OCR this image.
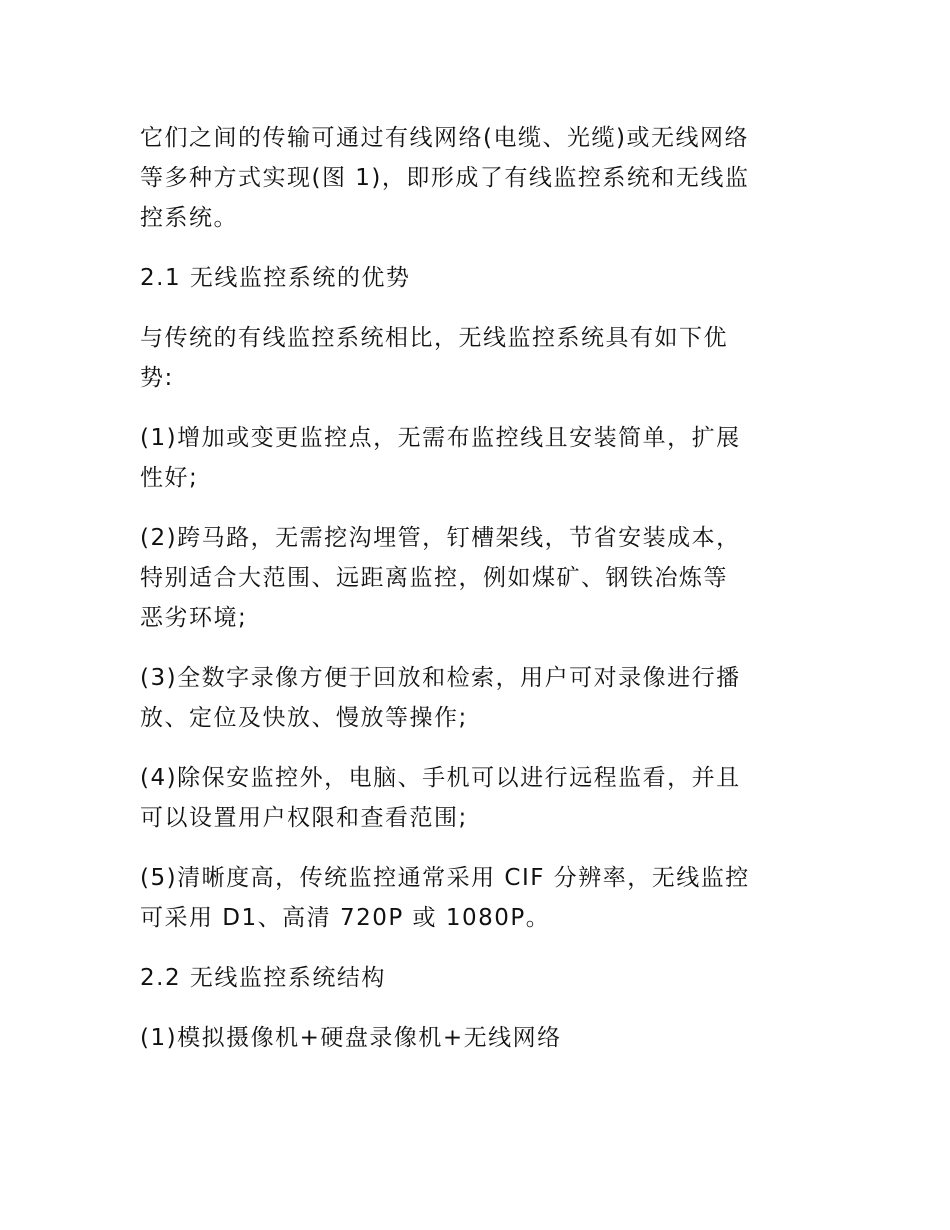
它们之间的传输可通过有线网络(电缆、光缆)或无线网络
等多种方式实现(图 1)，即形成了有线监控系统和无线监
控系统。
2.1 无线监控系统的优势
与传统的有线监控系统相比，无线监控系统具有如下优
势:
(1)增加或变更监控点，无需布监控线且安装简单，扩展
性好;
(2)跨马路，无需挖沟埋管，钉槽架线，节省安装成本，
特别适合大范围、远距离监控，例如煤矿、钢铁冶炼等
恶劣环境;
(3)全数字录像方便于回放和检索，用户可对录像进行播
放、定位及快放、慢放等操作;
(4)除保安监控外，电脑、手机可以进行远程监看，并且
可以设置用户权限和查看范围;
(5)清晰度高，传统监控通常采用 CIF 分辨率，无线监控
可采用 D1、高清 720P 或 1080P。
2.2 无线监控系统结构
(1)模拟摄像机+硬盘录像机+无线网络
